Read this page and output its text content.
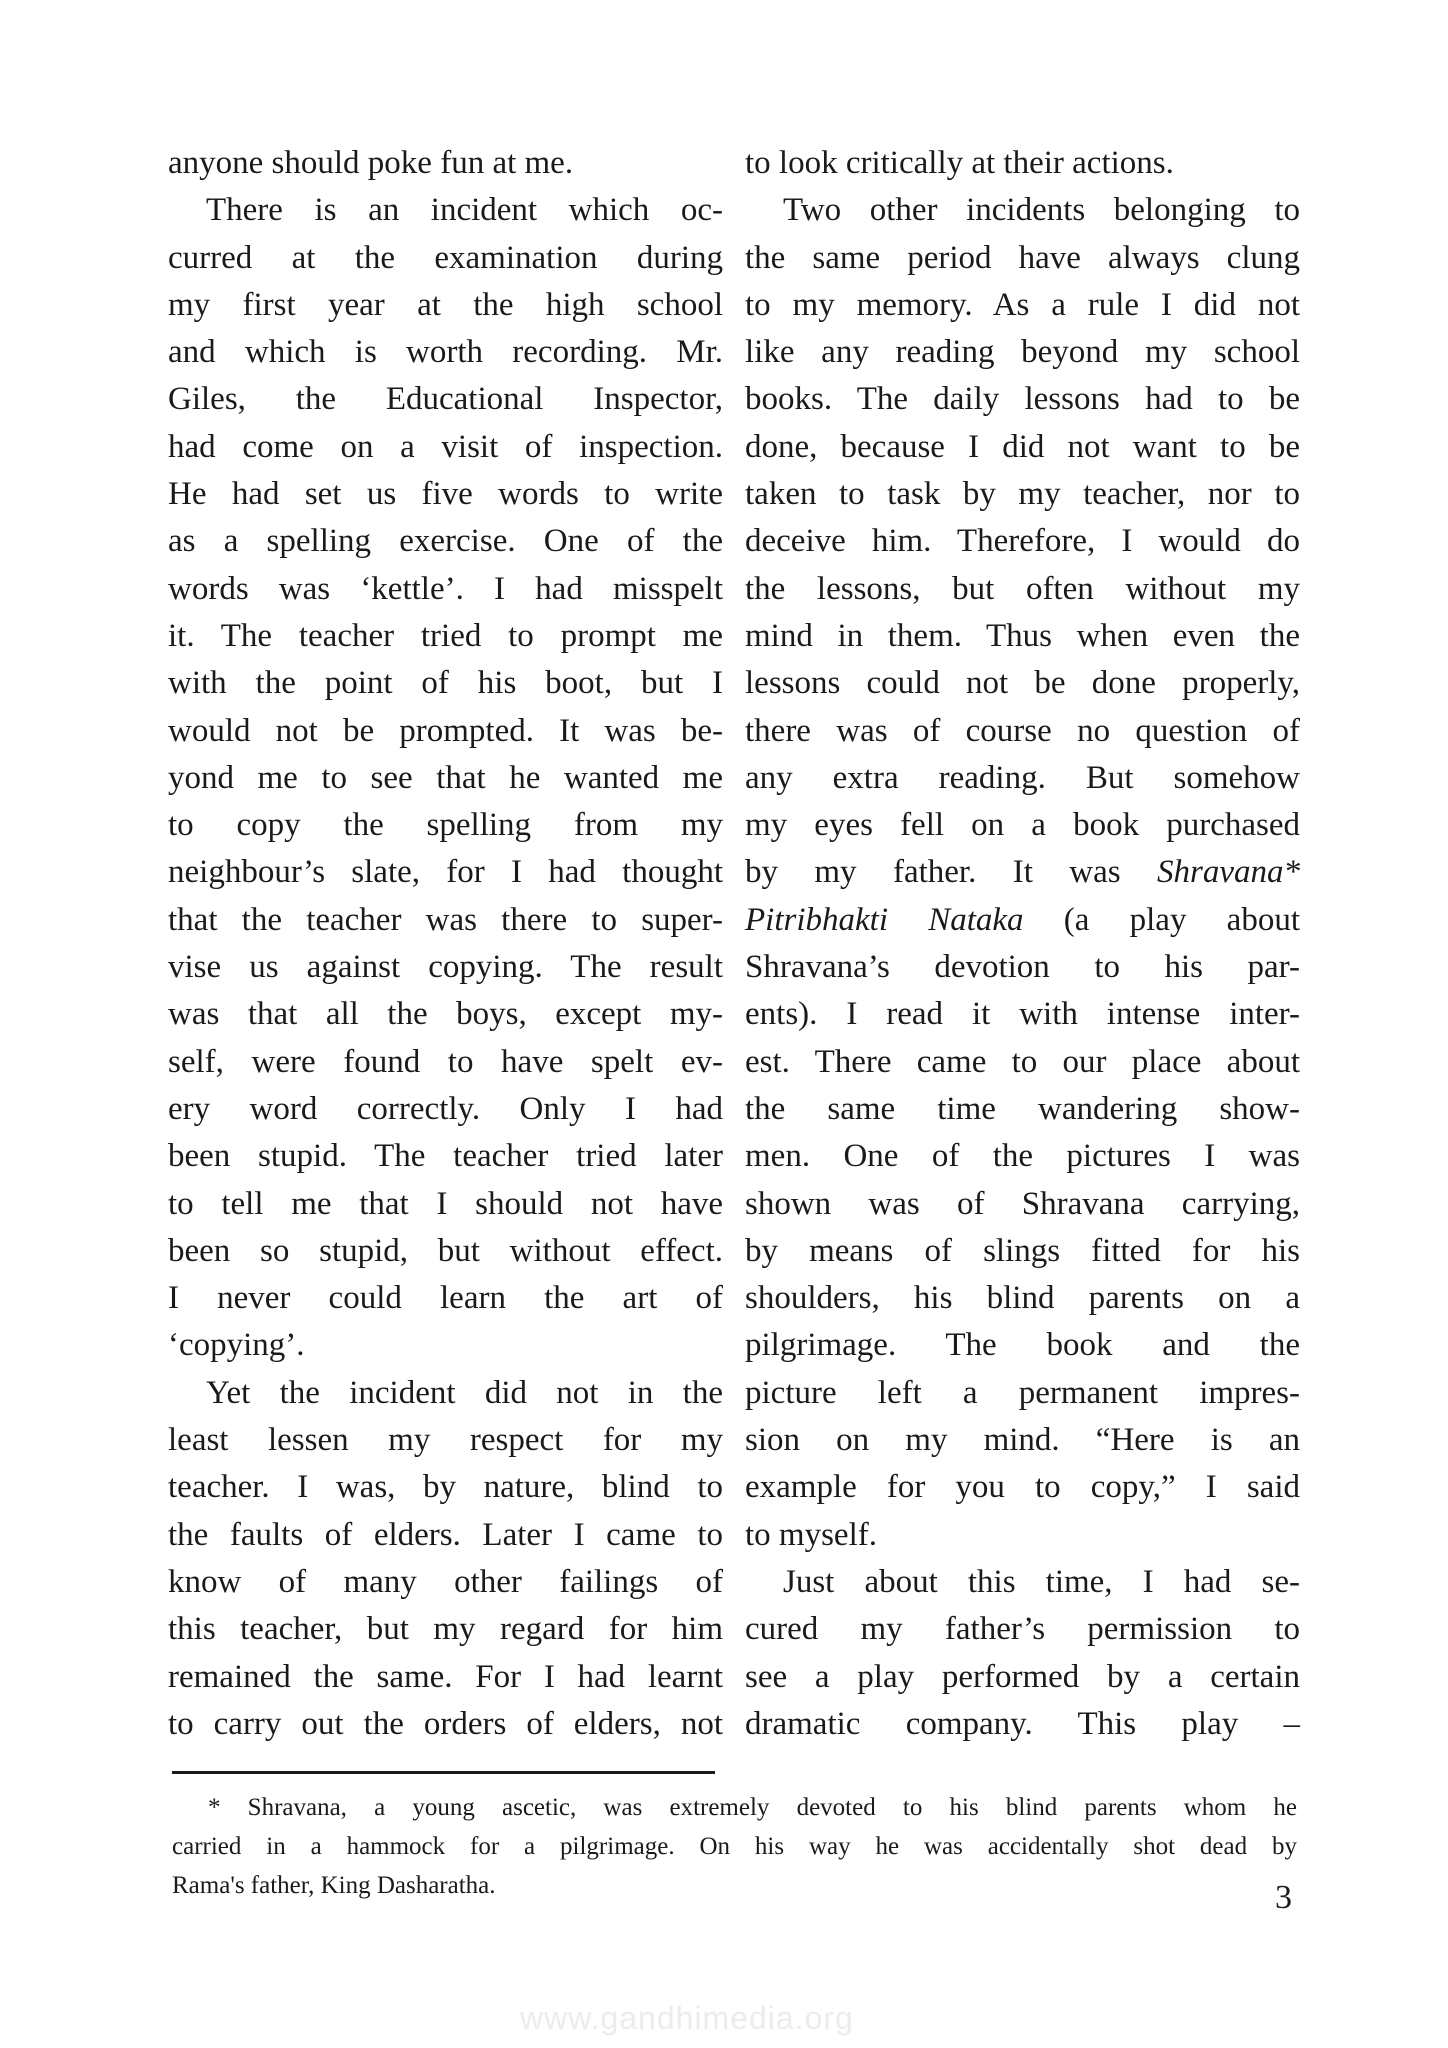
anyone should poke fun at me.
There is an incident which oc-
curred at the examination during
my first year at the high school
and which is worth recording. Mr.
Giles, the Educational Inspector,
had come on a visit of inspection.
He had set us five words to write
as a spelling exercise. One of the
words was ‘kettle’. I had misspelt
it. The teacher tried to prompt me
with the point of his boot, but I
would not be prompted. It was be-
yond me to see that he wanted me
to copy the spelling from my
neighbour’s slate, for I had thought
that the teacher was there to super-
vise us against copying. The result
was that all the boys, except my-
self, were found to have spelt ev-
ery word correctly. Only I had
been stupid. The teacher tried later
to tell me that I should not have
been so stupid, but without effect.
I never could learn the art of
‘copying’.
Yet the incident did not in the
least lessen my respect for my
teacher. I was, by nature, blind to
the faults of elders. Later I came to
know of many other failings of
this teacher, but my regard for him
remained the same. For I had learnt
to carry out the orders of elders, not
to look critically at their actions.
Two other incidents belonging to
the same period have always clung
to my memory. As a rule I did not
like any reading beyond my school
books. The daily lessons had to be
done, because I did not want to be
taken to task by my teacher, nor to
deceive him. Therefore, I would do
the lessons, but often without my
mind in them. Thus when even the
lessons could not be done properly,
there was of course no question of
any extra reading. But somehow
my eyes fell on a book purchased
by my father. It was Shravana*
Pitribhakti Nataka (a play about
Shravana’s devotion to his par-
ents). I read it with intense inter-
est. There came to our place about
the same time wandering show-
men. One of the pictures I was
shown was of Shravana carrying,
by means of slings fitted for his
shoulders, his blind parents on a
pilgrimage. The book and the
picture left a permanent impres-
sion on my mind. “Here is an
example for you to copy,” I said
to myself.
Just about this time, I had se-
cured my father’s permission to
see a play performed by a certain
dramatic company. This play –
* Shravana, a young ascetic, was extremely devoted to his blind parents whom he
carried in a hammock for a pilgrimage. On his way he was accidentally shot dead by
Rama's father, King Dasharatha.	3
www.gandhimedia.org
